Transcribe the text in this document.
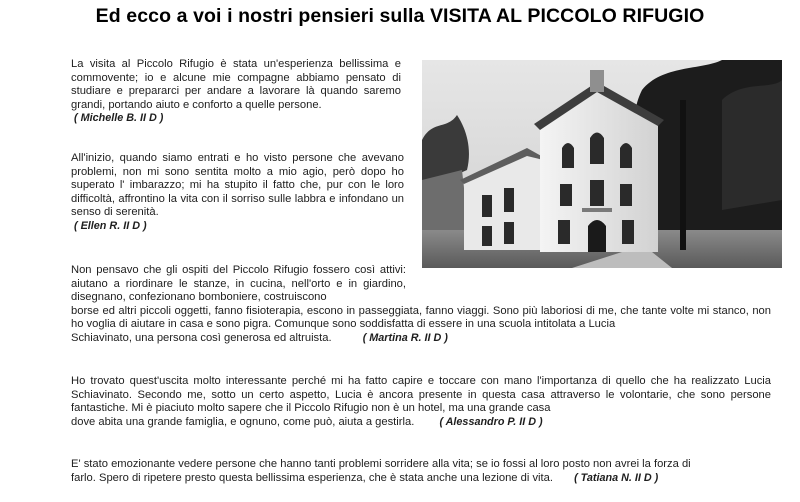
Ed ecco a voi i nostri pensieri sulla VISITA AL PICCOLO RIFUGIO
La visita al Piccolo Rifugio è stata un'esperienza bellissima e commovente; io e alcune mie compagne abbiamo pensato di studiare e prepararci per andare a lavorare là quando saremo grandi, portando aiuto e conforto a quelle persone.
( Michelle B. II D )
All'inizio, quando siamo entrati e ho visto persone che avevano problemi, non mi sono sentita molto a mio agio, però dopo ho superato l' imbarazzo; mi ha stupito il fatto che, pur con le loro difficoltà, affrontino la vita con il sorriso sulle labbra e infondano un senso di serenità.
( Ellen R. II D )
Non pensavo che gli ospiti del Piccolo Rifugio fossero così attivi: aiutano a riordinare le stanze, in cucina, nell'orto e in giardino, disegnano, confezionano bomboniere, costruiscono
borse ed altri piccoli oggetti, fanno fisioterapia, escono in passeggiata, fanno viaggi. Sono più laboriosi di me, che tante volte mi stanco, non ho voglia di aiutare in casa e sono pigra. Comunque sono soddisfatta di essere in una scuola intitolata a Lucia
Schiavinato, una persona così generosa ed altruista.	( Martina R. II D )
Ho trovato quest'uscita molto interessante perché mi ha fatto capire e toccare con mano l'importanza di quello che ha realizzato Lucia Schiavinato. Secondo me, sotto un certo aspetto, Lucia è ancora presente in questa casa attraverso le volontarie, che sono persone fantastiche. Mi è piaciuto molto sapere che il Piccolo Rifugio non è un hotel, ma una grande casa
dove abita una grande famiglia, e ognuno, come può, aiuta a gestirla. ( Alessandro P. II D )
E' stato emozionante vedere persone che hanno tanti problemi sorridere alla vita; se io fossi al loro posto non avrei la forza di
farlo. Spero di ripetere presto questa bellissima esperienza, che è stata anche una lezione di vita. ( Tatiana N. II D )
